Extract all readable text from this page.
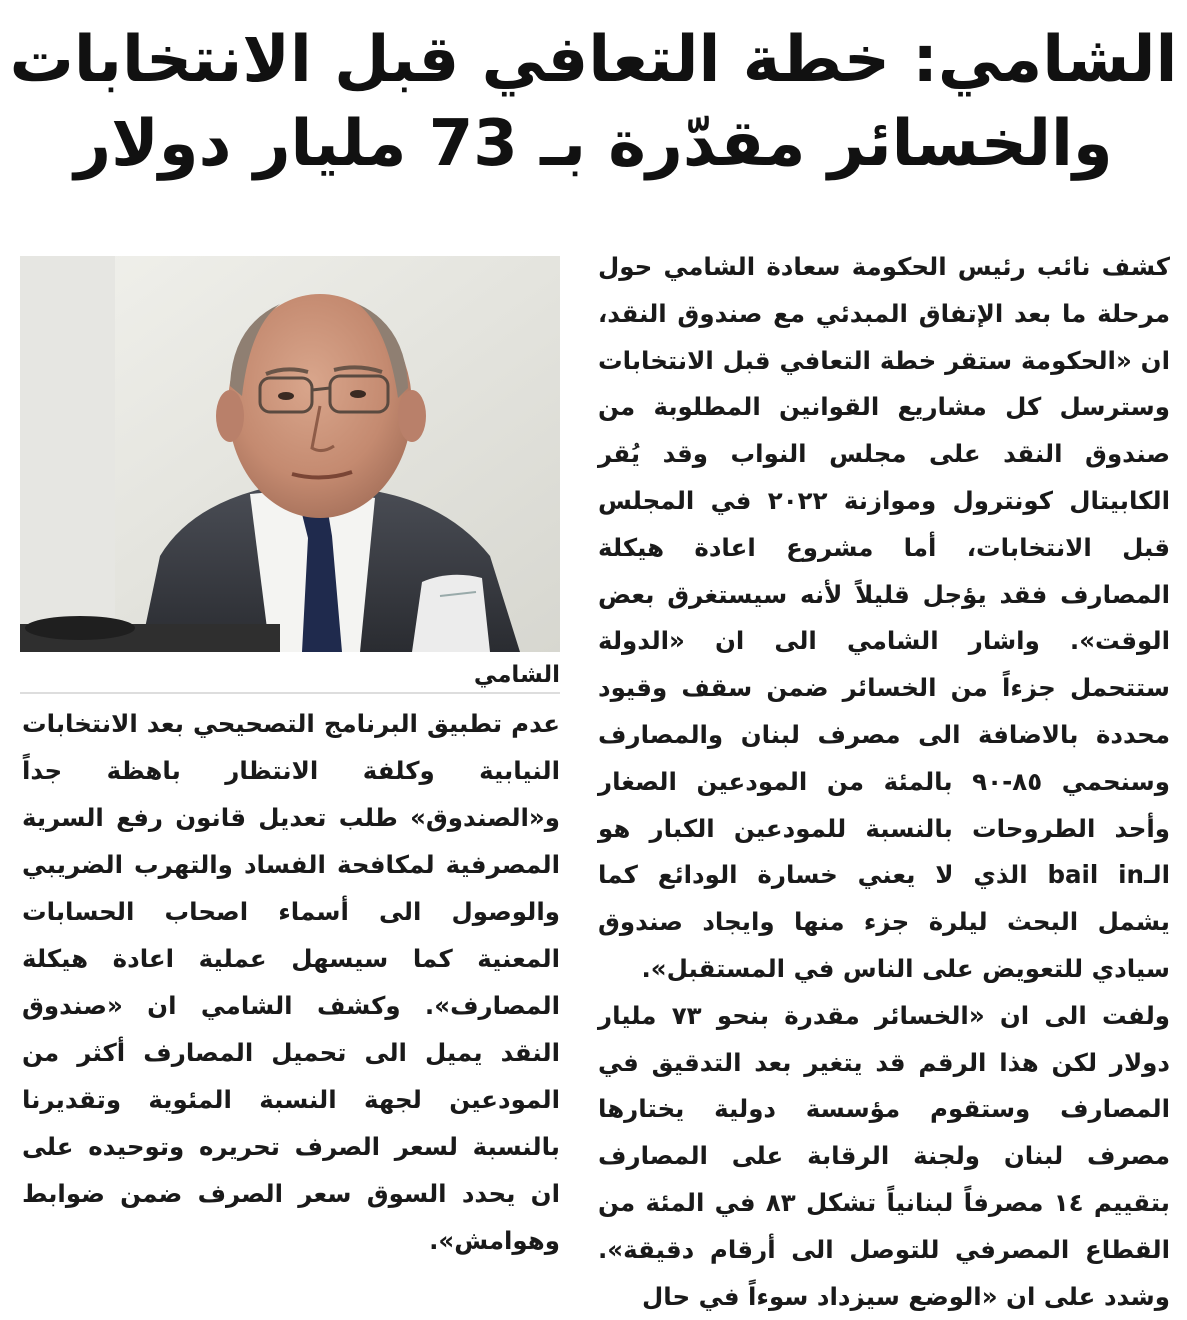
الشامي: خطة التعافي قبل الانتخابات
والخسائر مقدّرة بـ 73 مليار دولار
الشامي

كشف نائب رئيس الحكومة سعادة الشامي حول مرحلة ما بعد الإتفاق المبدئي مع صندوق النقد، ان «الحكومة ستقر خطة التعافي قبل الانتخابات وسترسل كل مشاريع القوانين المطلوبة من صندوق النقد على مجلس النواب وقد يُقر الكابيتال كونترول وموازنة ٢٠٢٢ في المجلس قبل الانتخابات، أما مشروع اعادة هيكلة المصارف فقد يؤجل قليلاً لأنه سيستغرق بعض الوقت». واشار الشامي الى ان «الدولة ستتحمل جزءاً من الخسائر ضمن سقف وقيود محددة بالاضافة الى مصرف لبنان والمصارف وسنحمي ٨٥-٩٠ بالمئة من المودعين الصغار وأحد الطروحات بالنسبة للمودعين الكبار هو الـbail in الذي لا يعني خسارة الودائع كما يشمل البحث ليلرة جزء منها وايجاد صندوق سيادي للتعويض على الناس في المستقبل».

ولفت الى ان «الخسائر مقدرة بنحو ٧٣ مليار دولار لكن هذا الرقم قد يتغير بعد التدقيق في المصارف وستقوم مؤسسة دولية يختارها مصرف لبنان ولجنة الرقابة على المصارف بتقييم ١٤ مصرفاً لبنانياً تشكل ٨٣ في المئة من القطاع المصرفي للتوصل الى أرقام دقيقة». وشدد على ان «الوضع سيزداد سوءاً في حال

عدم تطبيق البرنامج التصحيحي بعد الانتخابات النيابية وكلفة الانتظار باهظة جداً و«الصندوق» طلب تعديل قانون رفع السرية المصرفية لمكافحة الفساد والتهرب الضريبي والوصول الى أسماء اصحاب الحسابات المعنية كما سيسهل عملية اعادة هيكلة المصارف». وكشف الشامي ان «صندوق النقد يميل الى تحميل المصارف أكثر من المودعين لجهة النسبة المئوية وتقديرنا بالنسبة لسعر الصرف تحريره وتوحيده على ان يحدد السوق سعر الصرف ضمن ضوابط وهوامش».
